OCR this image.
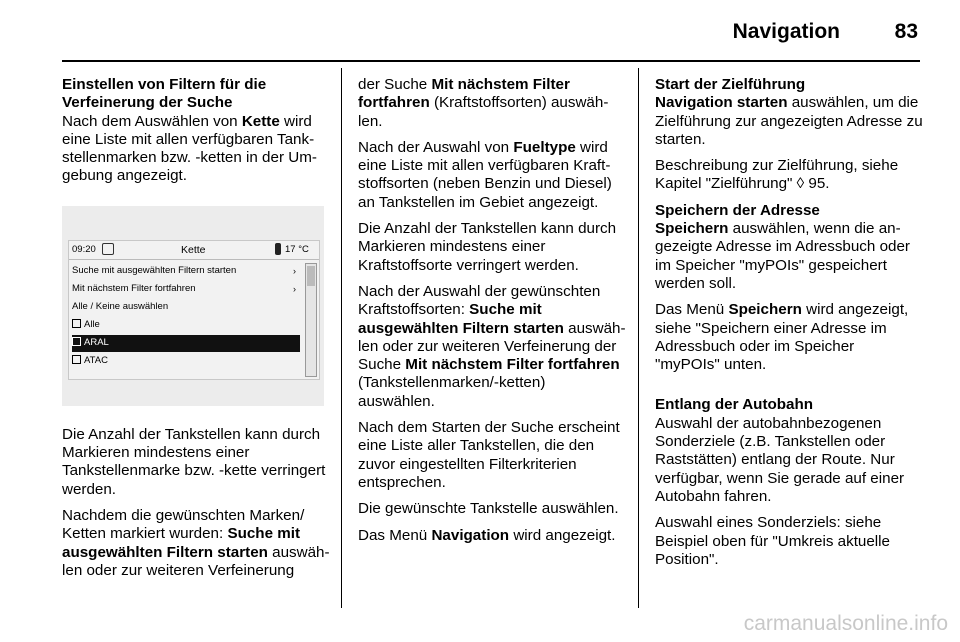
Navigation	83

Einstellen von Filtern für die Verfeinerung der Suche
Nach dem Auswählen von Kette wird eine Liste mit allen verfügbaren Tankstellenmarken bzw. -ketten in der Umgebung angezeigt.

09:20	Kette	17 °C
Suche mit ausgewählten Filtern starten	›
Mit nächstem Filter fortfahren	›
Alle / Keine auswählen
Alle
ARAL
ATAC

Die Anzahl der Tankstellen kann durch Markieren mindestens einer Tankstellenmarke bzw. -kette verringert werden.

Nachdem die gewünschten Marken/ Ketten markiert wurden: Suche mit ausgewählten Filtern starten auswählen oder zur weiteren Verfeinerung

der Suche Mit nächstem Filter fortfahren (Kraftstoffsorten) auswählen.

Nach der Auswahl von Fueltype wird eine Liste mit allen verfügbaren Kraftstoffsorten (neben Benzin und Diesel) an Tankstellen im Gebiet angezeigt.

Die Anzahl der Tankstellen kann durch Markieren mindestens einer Kraftstoffsorte verringert werden.

Nach der Auswahl der gewünschten Kraftstoffsorten: Suche mit ausgewählten Filtern starten auswählen oder zur weiteren Verfeinerung der Suche Mit nächstem Filter fortfahren (Tankstellenmarken/-ketten) auswählen.

Nach dem Starten der Suche erscheint eine Liste aller Tankstellen, die den zuvor eingestellten Filterkriterien entsprechen.

Die gewünschte Tankstelle auswählen.

Das Menü Navigation wird angezeigt.

Start der Zielführung
Navigation starten auswählen, um die Zielführung zur angezeigten Adresse zu starten.

Beschreibung zur Zielführung, siehe Kapitel "Zielführung" ◊ 95.

Speichern der Adresse
Speichern auswählen, wenn die angezeigte Adresse im Adressbuch oder im Speicher "myPOIs" gespeichert werden soll.

Das Menü Speichern wird angezeigt, siehe "Speichern einer Adresse im Adressbuch oder im Speicher "myPOIs" unten.

Entlang der Autobahn
Auswahl der autobahnbezogenen Sonderziele (z.B. Tankstellen oder Raststätten) entlang der Route. Nur verfügbar, wenn Sie gerade auf einer Autobahn fahren.

Auswahl eines Sonderziels: siehe Beispiel oben für "Umkreis aktuelle Position".

carmanualsonline.info
